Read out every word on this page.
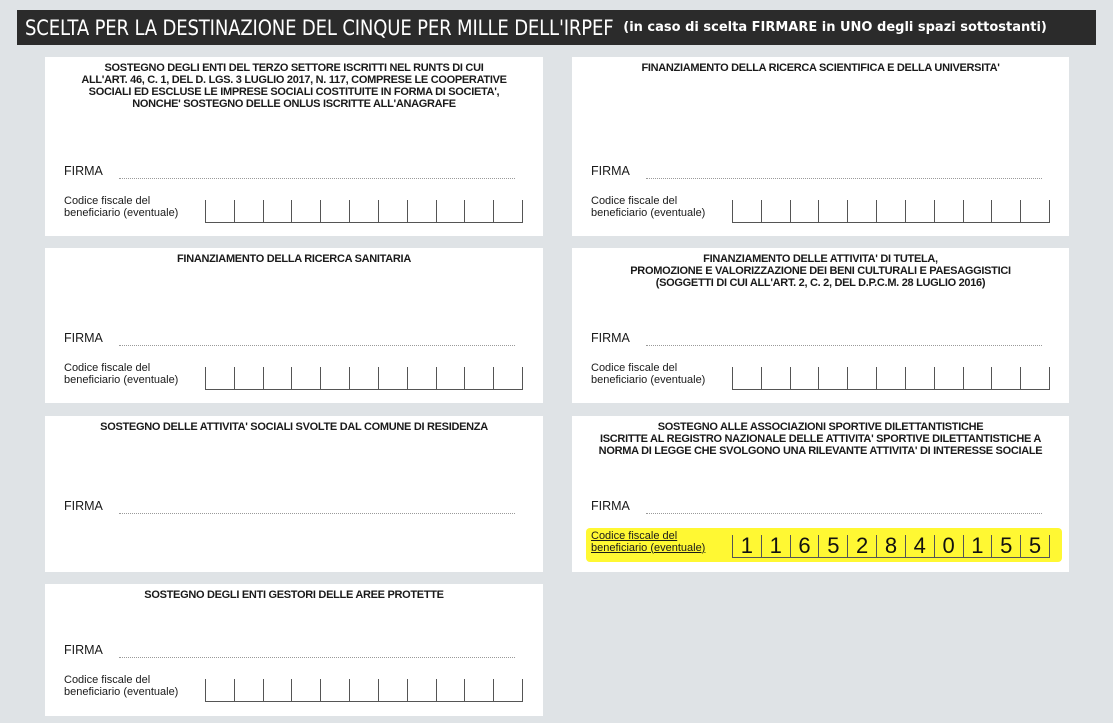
SCELTA PER LA DESTINAZIONE DEL CINQUE PER MILLE DELL'IRPEF (in caso di scelta FIRMARE in UNO degli spazi sottostanti)
SOSTEGNO DEGLI ENTI DEL TERZO SETTORE ISCRITTI NEL RUNTS DI CUI
ALL'ART. 46, C. 1, DEL D. LGS. 3 LUGLIO 2017, N. 117, COMPRESE LE COOPERATIVE
SOCIALI ED ESCLUSE LE IMPRESE SOCIALI COSTITUITE IN FORMA DI SOCIETA',
NONCHE' SOSTEGNO DELLE ONLUS ISCRITTE ALL'ANAGRAFE
FIRMA
Codice fiscale del
beneficiario (eventuale)
FINANZIAMENTO DELLA RICERCA SCIENTIFICA E DELLA UNIVERSITA'
FIRMA
Codice fiscale del
beneficiario (eventuale)
FINANZIAMENTO DELLA RICERCA SANITARIA
FIRMA
Codice fiscale del
beneficiario (eventuale)
FINANZIAMENTO DELLE ATTIVITA' DI TUTELA,
PROMOZIONE E VALORIZZAZIONE DEI BENI CULTURALI E PAESAGGISTICI
(SOGGETTI DI CUI ALL'ART. 2, C. 2, DEL D.P.C.M. 28 LUGLIO 2016)
FIRMA
Codice fiscale del
beneficiario (eventuale)
SOSTEGNO DELLE ATTIVITA' SOCIALI SVOLTE DAL COMUNE DI RESIDENZA
FIRMA
SOSTEGNO ALLE ASSOCIAZIONI SPORTIVE DILETTANTISTICHE
ISCRITTE AL REGISTRO NAZIONALE DELLE ATTIVITA' SPORTIVE DILETTANTISTICHE A
NORMA DI LEGGE CHE SVOLGONO UNA RILEVANTE ATTIVITA' DI INTERESSE SOCIALE
FIRMA
Codice fiscale del
beneficiario (eventuale)	1 1 6 5 2 8 4 0 1 5 5
SOSTEGNO DEGLI ENTI GESTORI DELLE AREE PROTETTE
FIRMA
Codice fiscale del
beneficiario (eventuale)
